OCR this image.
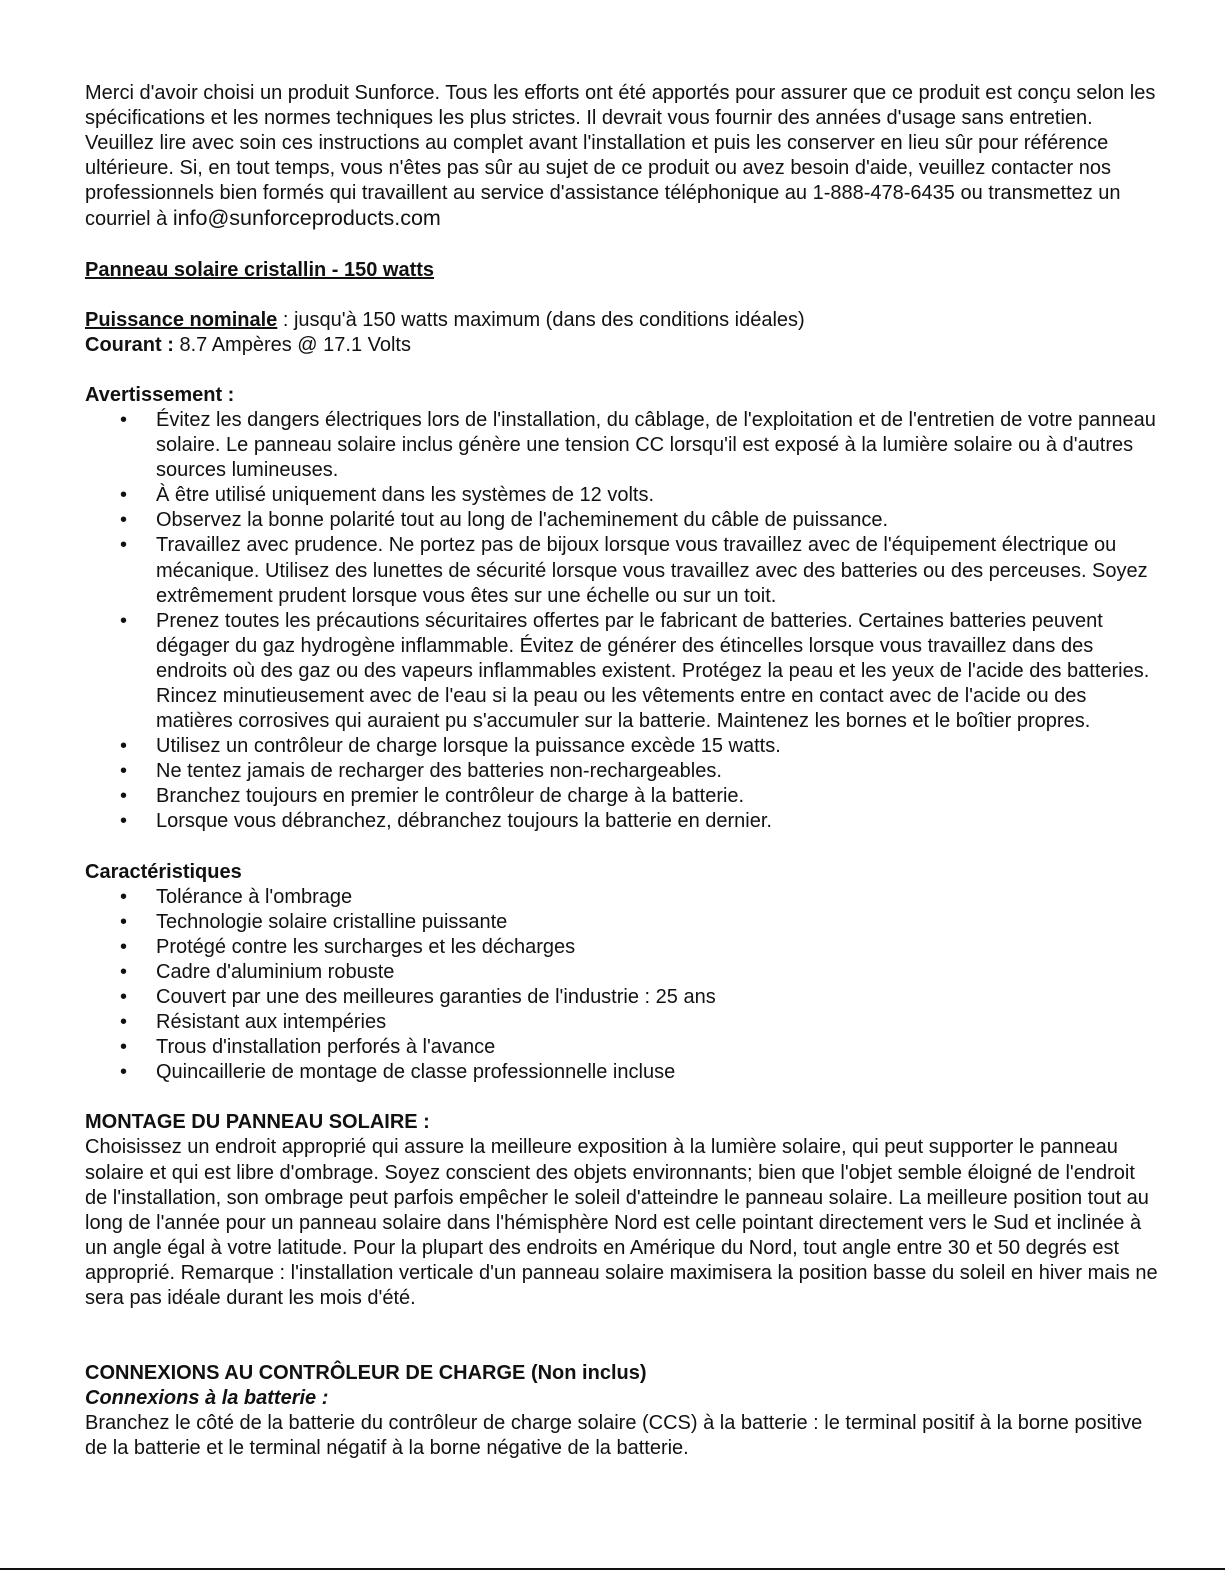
Merci d'avoir choisi un produit Sunforce. Tous les efforts ont été apportés pour assurer que ce produit est conçu selon les spécifications et les normes techniques les plus strictes. Il devrait vous fournir des années d'usage sans entretien. Veuillez lire avec soin ces instructions au complet avant l'installation et puis les conserver en lieu sûr pour référence ultérieure. Si, en tout temps, vous n'êtes pas sûr au sujet de ce produit ou avez besoin d'aide, veuillez contacter nos professionnels bien formés qui travaillent au service d'assistance téléphonique au 1-888-478-6435 ou transmettez un courriel à info@sunforceproducts.com

Panneau solaire cristallin - 150 watts

Puissance nominale : jusqu'à 150 watts maximum (dans des conditions idéales)

Courant : 8.7 Ampères @ 17.1 Volts

Avertissement :

• Évitez les dangers électriques lors de l'installation, du câblage, de l'exploitation et de l'entretien de votre panneau solaire. Le panneau solaire inclus génère une tension CC lorsqu'il est exposé à la lumière solaire ou à d'autres sources lumineuses.
• À être utilisé uniquement dans les systèmes de 12 volts.
• Observez la bonne polarité tout au long de l'acheminement du câble de puissance.
• Travaillez avec prudence. Ne portez pas de bijoux lorsque vous travaillez avec de l'équipement électrique ou mécanique. Utilisez des lunettes de sécurité lorsque vous travaillez avec des batteries ou des perceuses. Soyez extrêmement prudent lorsque vous êtes sur une échelle ou sur un toit.
• Prenez toutes les précautions sécuritaires offertes par le fabricant de batteries. Certaines batteries peuvent dégager du gaz hydrogène inflammable. Évitez de générer des étincelles lorsque vous travaillez dans des endroits où des gaz ou des vapeurs inflammables existent. Protégez la peau et les yeux de l'acide des batteries. Rincez minutieusement avec de l'eau si la peau ou les vêtements entre en contact avec de l'acide ou des matières corrosives qui auraient pu s'accumuler sur la batterie. Maintenez les bornes et le boîtier propres.
• Utilisez un contrôleur de charge lorsque la puissance excède 15 watts.
• Ne tentez jamais de recharger des batteries non-rechargeables.
• Branchez toujours en premier le contrôleur de charge à la batterie.
• Lorsque vous débranchez, débranchez toujours la batterie en dernier.

Caractéristiques

• Tolérance à l'ombrage
• Technologie solaire cristalline puissante
• Protégé contre les surcharges et les décharges
• Cadre d'aluminium robuste
• Couvert par une des meilleures garanties de l'industrie : 25 ans
• Résistant aux intempéries
• Trous d'installation perforés à l'avance
• Quincaillerie de montage de classe professionnelle incluse

MONTAGE DU PANNEAU SOLAIRE :

Choisissez un endroit approprié qui assure la meilleure exposition à la lumière solaire, qui peut supporter le panneau solaire et qui est libre d'ombrage. Soyez conscient des objets environnants; bien que l'objet semble éloigné de l'endroit de l'installation, son ombrage peut parfois empêcher le soleil d'atteindre le panneau solaire. La meilleure position tout au long de l'année pour un panneau solaire dans l'hémisphère Nord est celle pointant directement vers le Sud et inclinée à un angle égal à votre latitude. Pour la plupart des endroits en Amérique du Nord, tout angle entre 30 et 50 degrés est approprié. Remarque : l'installation verticale d'un panneau solaire maximisera la position basse du soleil en hiver mais ne sera pas idéale durant les mois d'été.

CONNEXIONS AU CONTRÔLEUR DE CHARGE (Non inclus)

Connexions à la batterie :

Branchez le côté de la batterie du contrôleur de charge solaire (CCS) à la batterie : le terminal positif à la borne positive de la batterie et le terminal négatif à la borne négative de la batterie.
